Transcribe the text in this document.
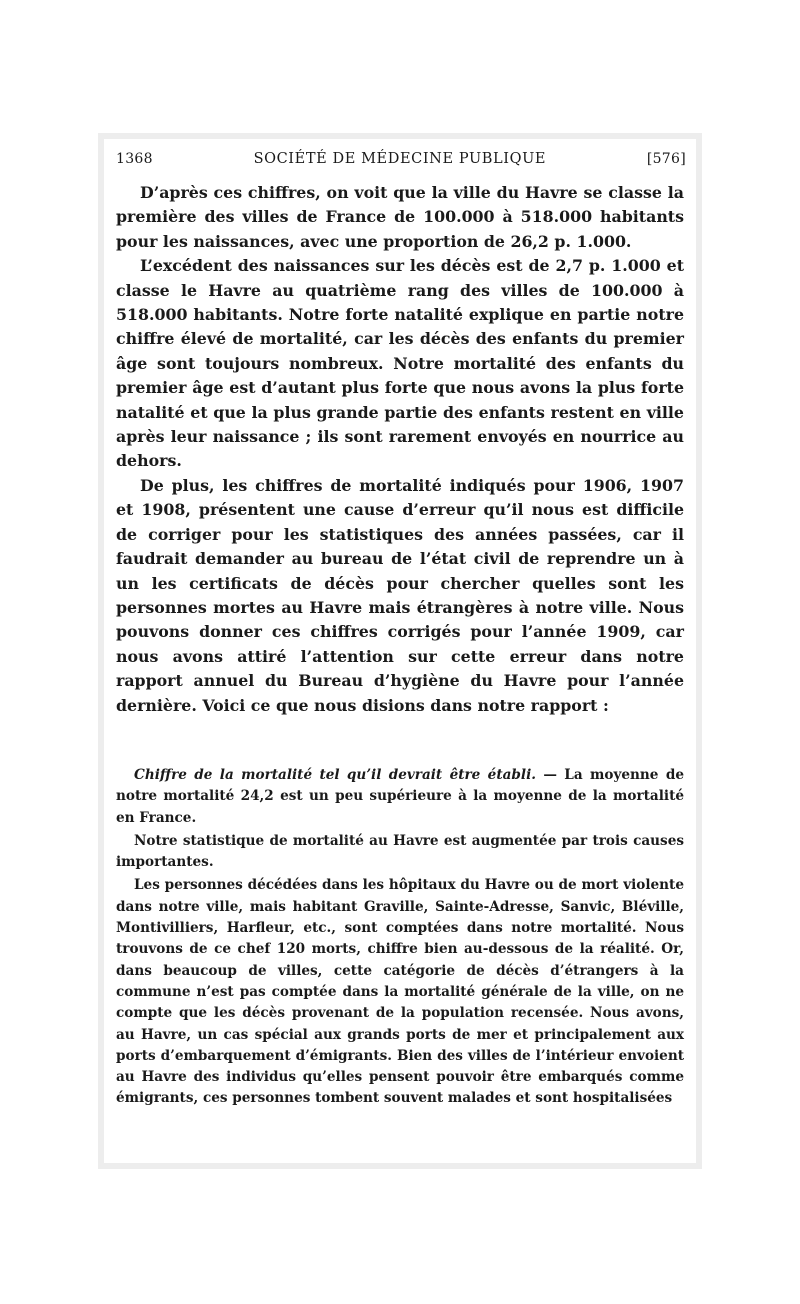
1368	SOCIÉTÉ DE MÉDECINE PUBLIQUE	[576]

D’après ces chiffres, on voit que la ville du Havre se classe la première des villes de France de 100.000 à 518.000 habitants pour les naissances, avec une proportion de 26,2 p. 1.000.

L’excédent des naissances sur les décès est de 2,7 p. 1.000 et classe le Havre au quatrième rang des villes de 100.000 à 518.000 habitants. Notre forte natalité explique en partie notre chiffre élevé de mortalité, car les décès des enfants du premier âge sont toujours nombreux. Notre mortalité des enfants du premier âge est d’autant plus forte que nous avons la plus forte natalité et que la plus grande partie des enfants restent en ville après leur naissance ; ils sont rarement envoyés en nourrice au dehors.

De plus, les chiffres de mortalité indiqués pour 1906, 1907 et 1908, présentent une cause d’erreur qu’il nous est difficile de corriger pour les statistiques des années passées, car il faudrait demander au bureau de l’état civil de reprendre un à un les certificats de décès pour chercher quelles sont les personnes mortes au Havre mais étrangères à notre ville. Nous pouvons donner ces chiffres corrigés pour l’année 1909, car nous avons attiré l’attention sur cette erreur dans notre rapport annuel du Bureau d’hygiène du Havre pour l’année dernière. Voici ce que nous disions dans notre rapport :

Chiffre de la mortalité tel qu’il devrait être établi. — La moyenne de notre mortalité 24,2 est un peu supérieure à la moyenne de la mortalité en France.

Notre statistique de mortalité au Havre est augmentée par trois causes importantes.

Les personnes décédées dans les hôpitaux du Havre ou de mort violente dans notre ville, mais habitant Graville, Sainte-Adresse, Sanvic, Bléville, Montivilliers, Harfleur, etc., sont comptées dans notre mortalité. Nous trouvons de ce chef 120 morts, chiffre bien au-dessous de la réalité. Or, dans beaucoup de villes, cette catégorie de décès d’étrangers à la commune n’est pas comptée dans la mortalité générale de la ville, on ne compte que les décès provenant de la population recensée. Nous avons, au Havre, un cas spécial aux grands ports de mer et principalement aux ports d’embarquement d’émigrants. Bien des villes de l’intérieur envoient au Havre des individus qu’elles pensent pouvoir être embarqués comme émigrants, ces personnes tombent souvent malades et sont hospitalisées
